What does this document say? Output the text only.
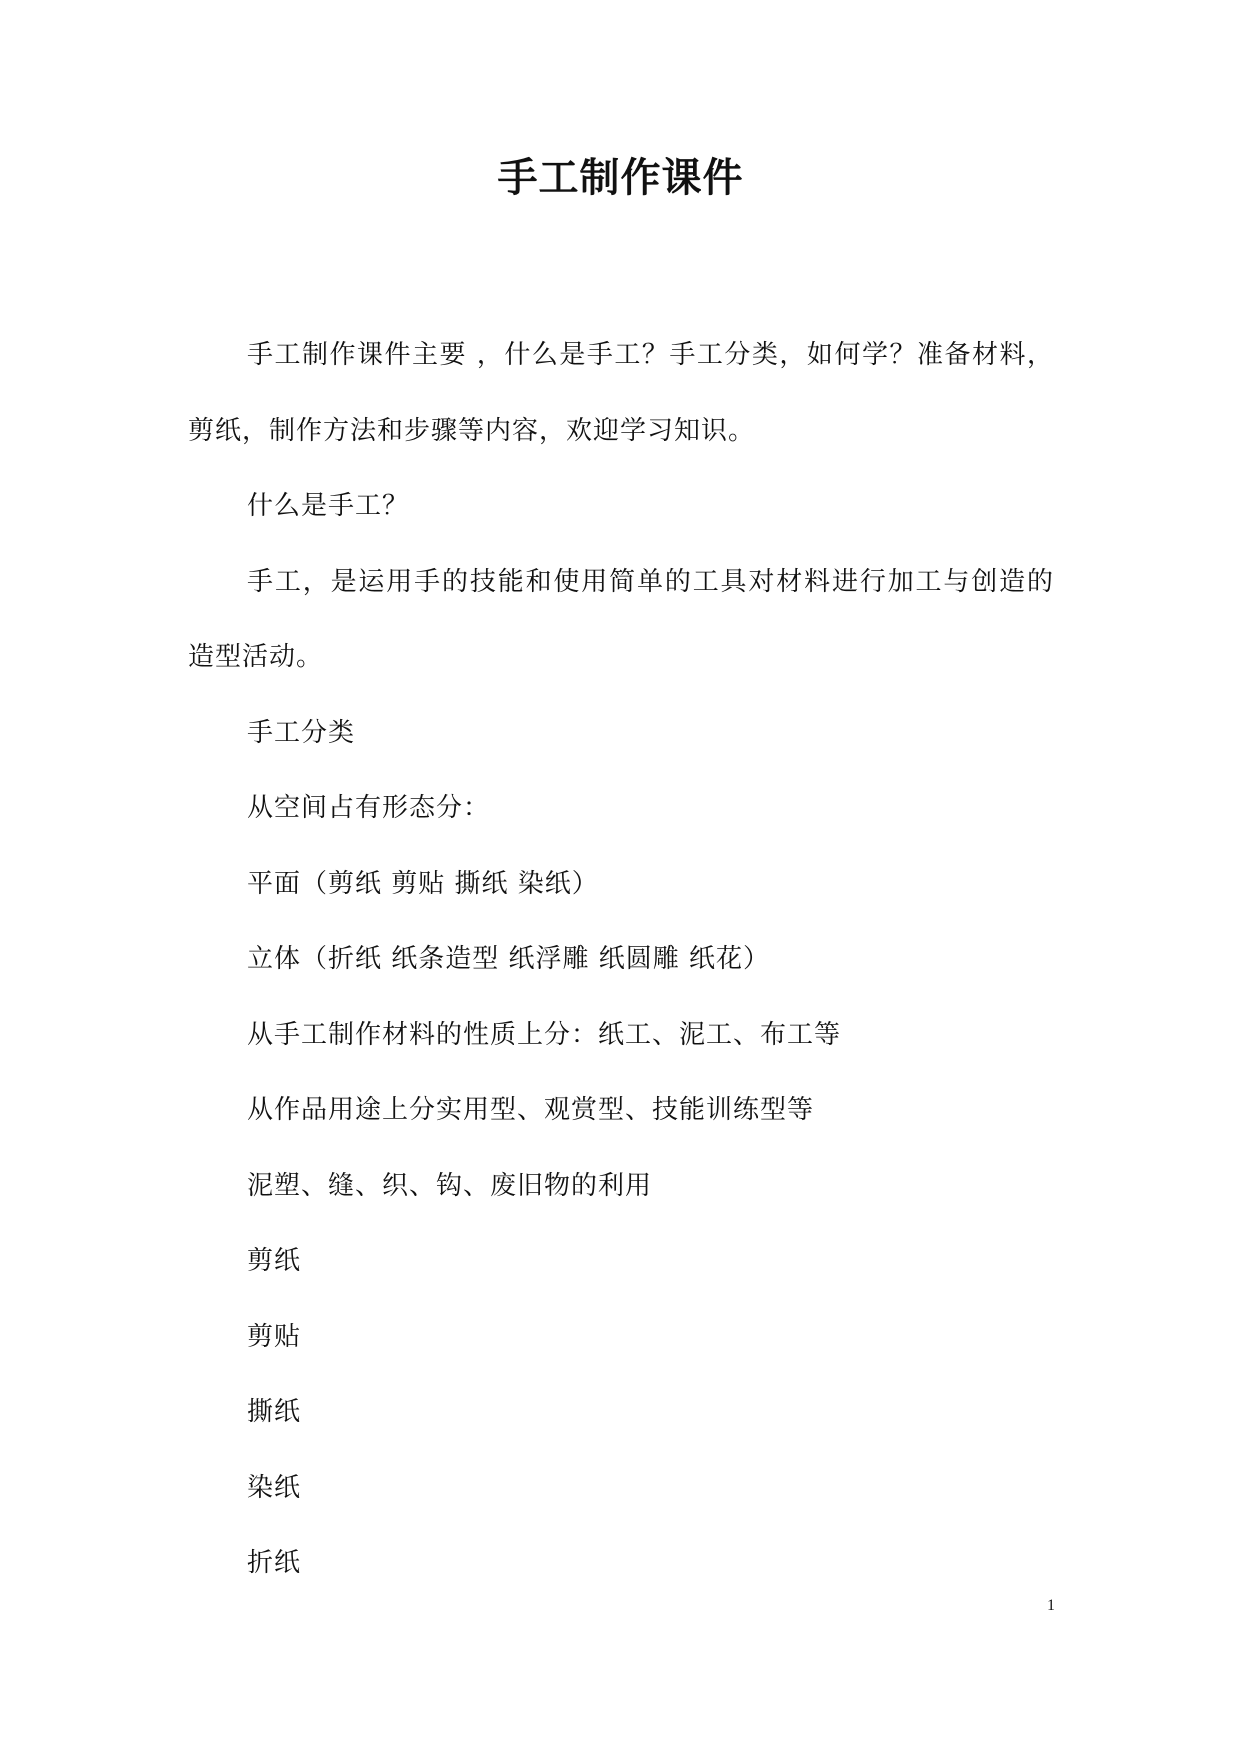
手工制作课件

手工制作课件主要 ，什么是手工？手工分类，如何学？准备材料，剪纸，制作方法和步骤等内容，欢迎学习知识。

什么是手工？

手工，是运用手的技能和使用简单的工具对材料进行加工与创造的造型活动。

手工分类

从空间占有形态分：

平面（剪纸 剪贴 撕纸 染纸）

立体（折纸 纸条造型 纸浮雕 纸圆雕 纸花）

从手工制作材料的性质上分：纸工、泥工、布工等

从作品用途上分实用型、观赏型、技能训练型等

泥塑、缝、织、钩、废旧物的利用

剪纸

剪贴

撕纸

染纸

折纸

1
